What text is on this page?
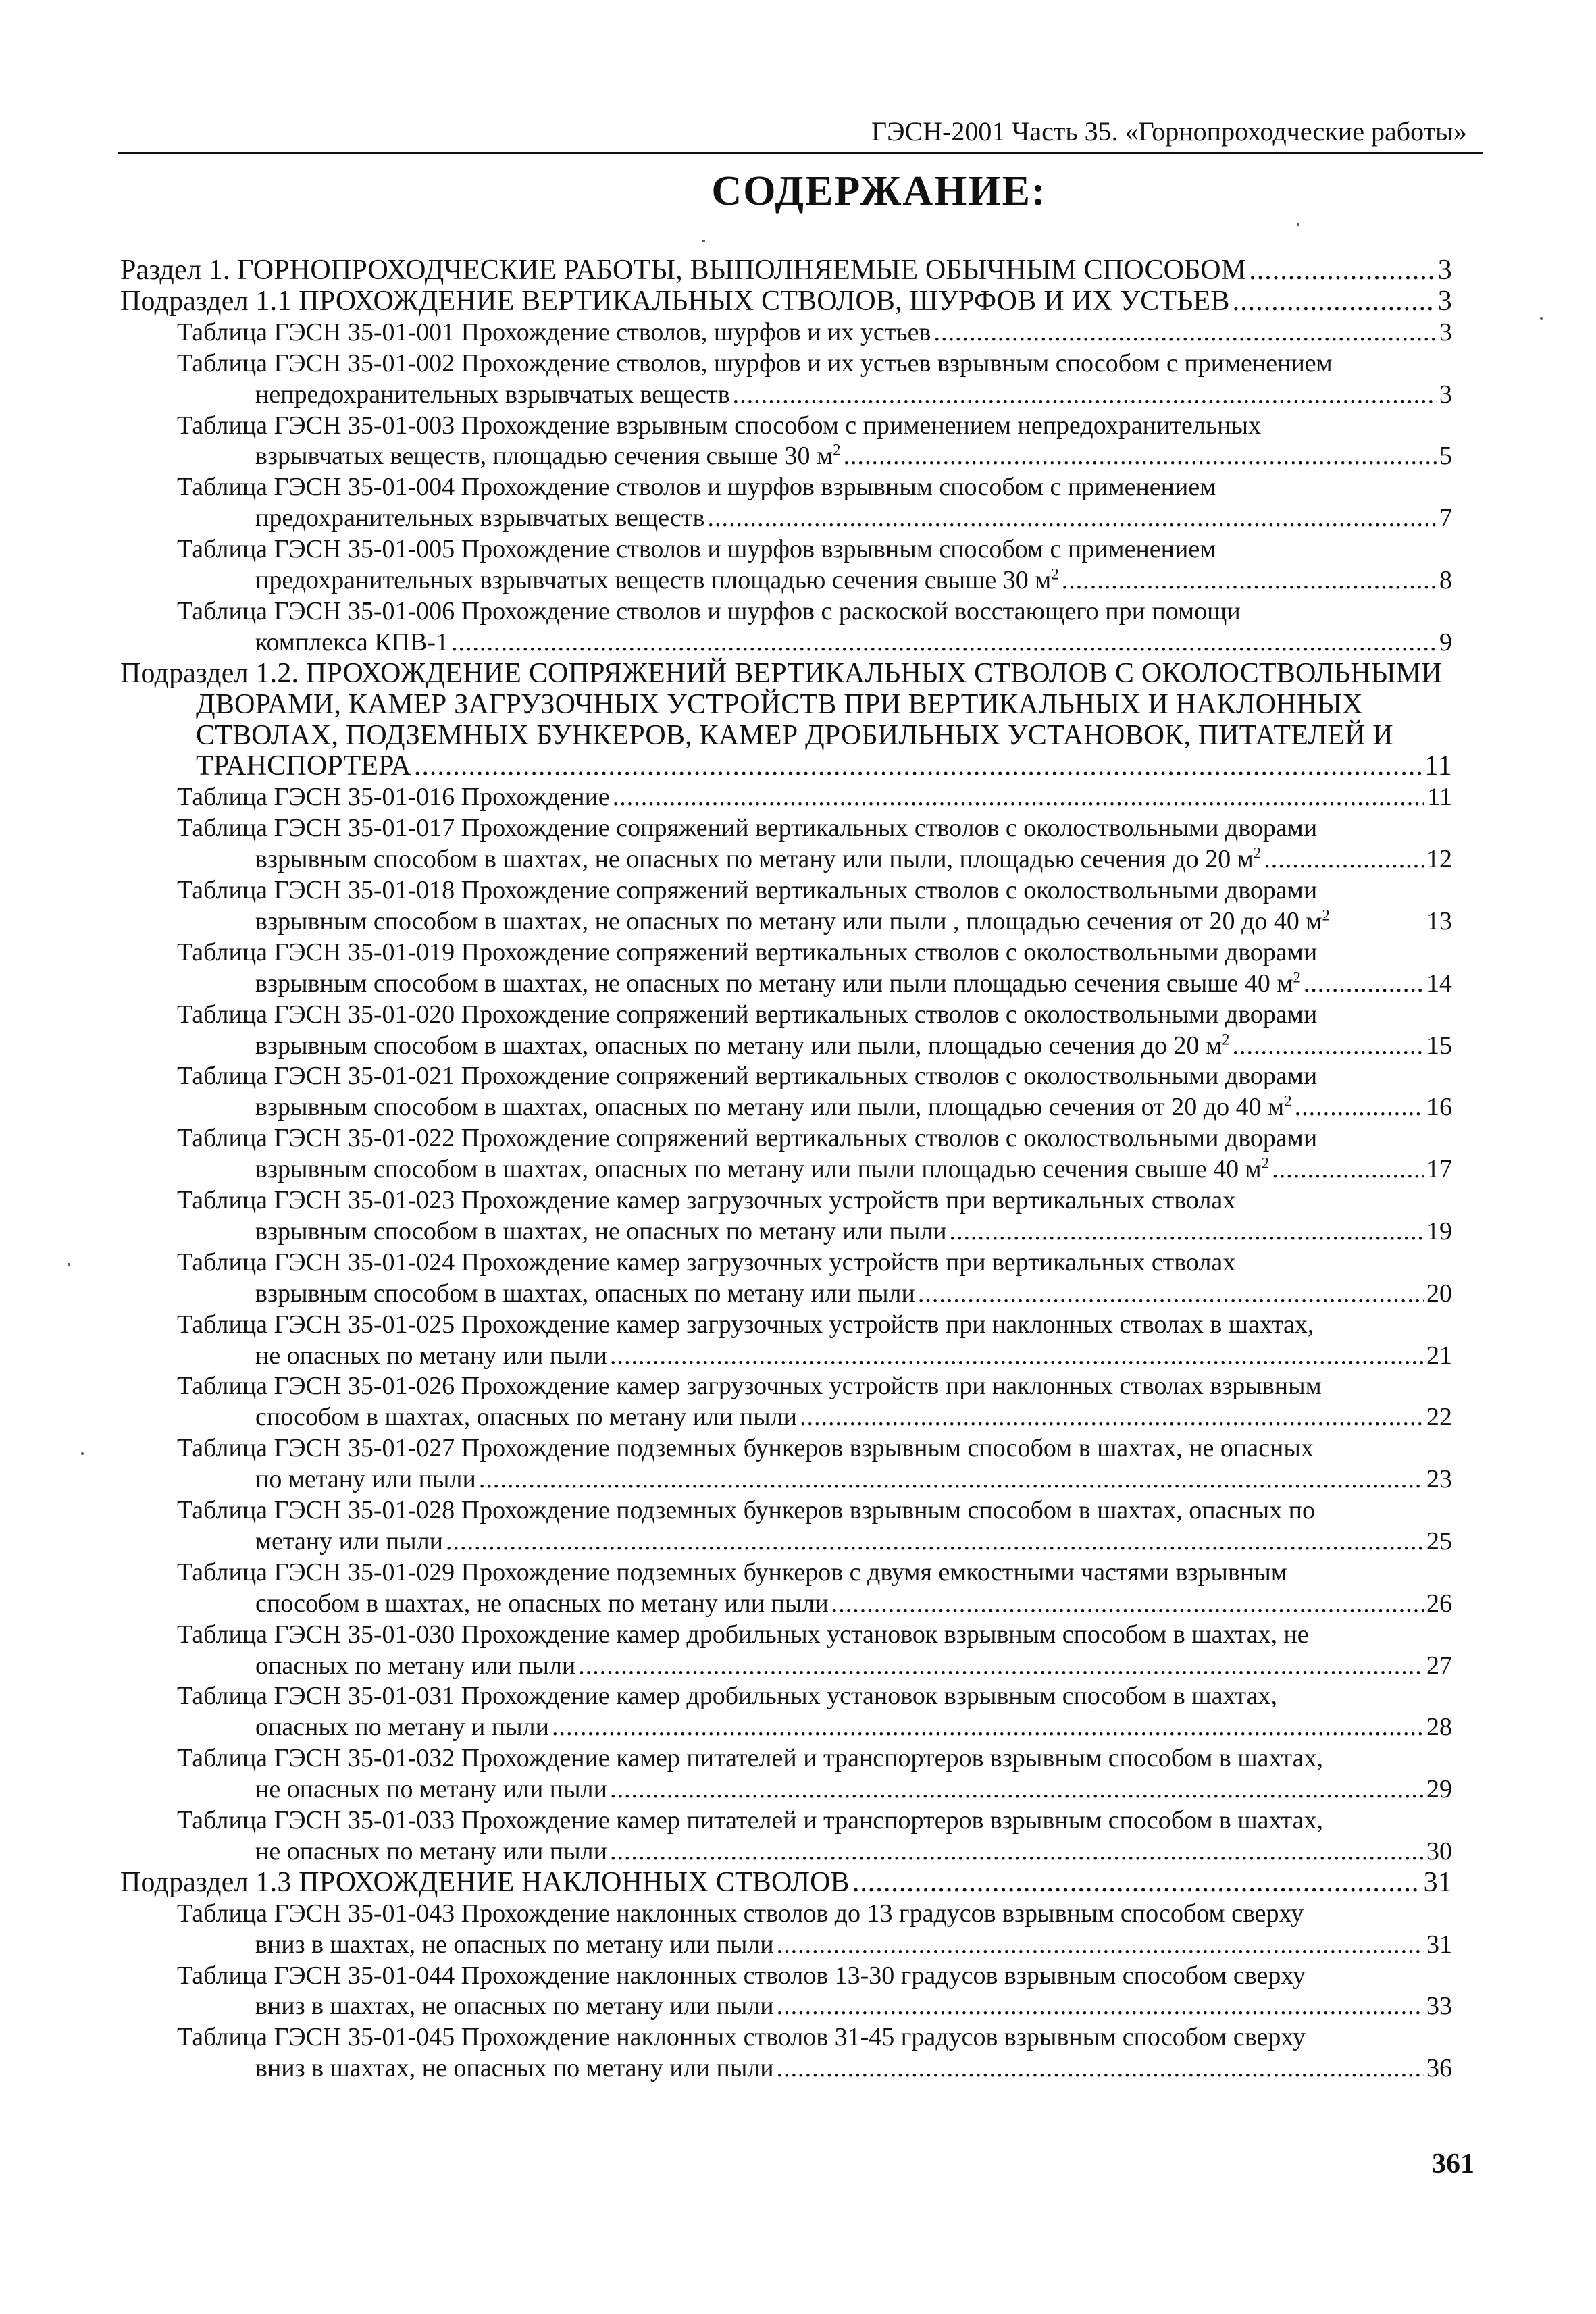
ГЭСН-2001 Часть 35. «Горнопроходческие работы»
СОДЕРЖАНИЕ:
Раздел 1. ГОРНОПРОХОДЧЕСКИЕ РАБОТЫ, ВЫПОЛНЯЕМЫЕ ОБЫЧНЫМ СПОСОБОМ .....	3
Подраздел 1.1 ПРОХОЖДЕНИЕ ВЕРТИКАЛЬНЫХ СТВОЛОВ, ШУРФОВ И ИХ УСТЬЕВ .....	3
Таблица ГЭСН 35-01-001 Прохождение стволов, шурфов и их устьев .....	3
Таблица ГЭСН 35-01-002 Прохождение стволов, шурфов и их устьев взрывным способом с применением
непредохранительных взрывчатых веществ .....	3
Таблица ГЭСН 35-01-003 Прохождение взрывным способом с применением непредохранительных
взрывчатых веществ, площадью сечения свыше 30 $м^2$ .....	5
Таблица ГЭСН 35-01-004 Прохождение стволов и шурфов взрывным способом с применением
предохранительных взрывчатых веществ .....	7
Таблица ГЭСН 35-01-005 Прохождение стволов и шурфов взрывным способом с применением
предохранительных взрывчатых веществ площадью сечения свыше 30 $м^2$ .....	8
Таблица ГЭСН 35-01-006 Прохождение стволов и шурфов с раскоской восстающего при помощи
комплекса КПВ-1 .....	9
Подраздел 1.2. ПРОХОЖДЕНИЕ СОПРЯЖЕНИЙ ВЕРТИКАЛЬНЫХ СТВОЛОВ С ОКОЛОСТВОЛЬНЫМИ
ДВОРАМИ, КАМЕР ЗАГРУЗОЧНЫХ УСТРОЙСТВ ПРИ ВЕРТИКАЛЬНЫХ И НАКЛОННЫХ
СТВОЛАХ, ПОДЗЕМНЫХ БУНКЕРОВ, КАМЕР ДРОБИЛЬНЫХ УСТАНОВОК, ПИТАТЕЛЕЙ И
ТРАНСПОРТЕРА .....	11
Таблица ГЭСН 35-01-016 Прохождение .....	11
Таблица ГЭСН 35-01-017 Прохождение сопряжений вертикальных стволов с околоствольными дворами
взрывным способом в шахтах, не опасных по метану или пыли, площадью сечения до 20 $м^2$ .....	12
Таблица ГЭСН 35-01-018 Прохождение сопряжений вертикальных стволов с околоствольными дворами
взрывным способом в шахтах, не опасных по метану или пыли , площадью сечения от 20 до 40 $м^2$	13
Таблица ГЭСН 35-01-019 Прохождение сопряжений вертикальных стволов с околоствольными дворами
взрывным способом в шахтах, не опасных по метану или пыли площадью сечения свыше 40 $м^2$ .....	14
Таблица ГЭСН 35-01-020 Прохождение сопряжений вертикальных стволов с околоствольными дворами
взрывным способом в шахтах, опасных по метану или пыли, площадью сечения до 20 $м^2$ .....	15
Таблица ГЭСН 35-01-021 Прохождение сопряжений вертикальных стволов с околоствольными дворами
взрывным способом в шахтах, опасных по метану или пыли, площадью сечения от 20 до 40 $м^2$ .....	16
Таблица ГЭСН 35-01-022 Прохождение сопряжений вертикальных стволов с околоствольными дворами
взрывным способом в шахтах, опасных по метану или пыли площадью сечения свыше 40 $м^2$ .....	17
Таблица ГЭСН 35-01-023 Прохождение камер загрузочных устройств при вертикальных стволах
взрывным способом в шахтах, не опасных по метану или пыли .....	19
Таблица ГЭСН 35-01-024 Прохождение камер загрузочных устройств при вертикальных стволах
взрывным способом в шахтах, опасных по метану или пыли .....	20
Таблица ГЭСН 35-01-025 Прохождение камер загрузочных устройств при наклонных стволах в шахтах,
не опасных по метану или пыли .....	21
Таблица ГЭСН 35-01-026 Прохождение камер загрузочных устройств при наклонных стволах взрывным
способом в шахтах, опасных по метану или пыли .....	22
Таблица ГЭСН 35-01-027 Прохождение подземных бункеров взрывным способом в шахтах, не опасных
по метану или пыли .....	23
Таблица ГЭСН 35-01-028 Прохождение подземных бункеров взрывным способом в шахтах, опасных по
метану или пыли .....	25
Таблица ГЭСН 35-01-029 Прохождение подземных бункеров с двумя емкостными частями взрывным
способом в шахтах, не опасных по метану или пыли .....	26
Таблица ГЭСН 35-01-030 Прохождение камер дробильных установок взрывным способом в шахтах, не
опасных по метану или пыли .....	27
Таблица ГЭСН 35-01-031 Прохождение камер дробильных установок взрывным способом в шахтах,
опасных по метану и пыли .....	28
Таблица ГЭСН 35-01-032 Прохождение камер питателей и транспортеров взрывным способом в шахтах,
не опасных по метану или пыли .....	29
Таблица ГЭСН 35-01-033 Прохождение камер питателей и транспортеров взрывным способом в шахтах,
не опасных по метану или пыли .....	30
Подраздел 1.3 ПРОХОЖДЕНИЕ НАКЛОННЫХ СТВОЛОВ .....	31
Таблица ГЭСН 35-01-043 Прохождение наклонных стволов до 13 градусов взрывным способом сверху
вниз в шахтах, не опасных по метану или пыли .....	31
Таблица ГЭСН 35-01-044 Прохождение наклонных стволов 13-30 градусов взрывным способом сверху
вниз в шахтах, не опасных по метану или пыли .....	33
Таблица ГЭСН 35-01-045 Прохождение наклонных стволов 31-45 градусов взрывным способом сверху
вниз в шахтах, не опасных по метану или пыли .....	36
361
